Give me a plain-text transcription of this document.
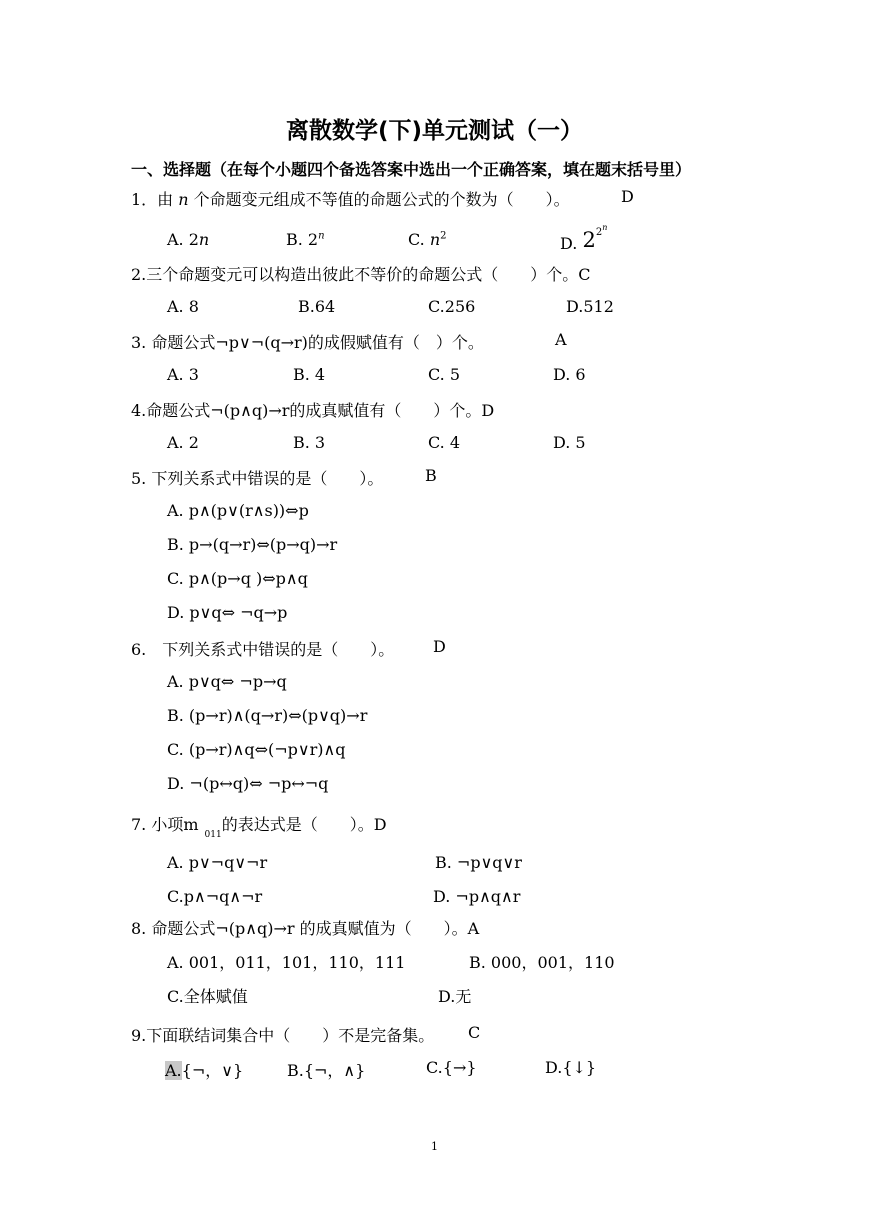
离散数学(下)单元测试（一）
一、选择题（在每个小题四个备选答案中选出一个正确答案，填在题末括号里）
1．由 n 个命题变元组成不等值的命题公式的个数为（　　）。	D
A. 2n	B. 2$^n$	C. $n^2$	D. $2^{2^n}$
2.三个命题变元可以构造出彼此不等价的命题公式（　　）个。C
A. 8	B.64	C.256	D.512
3. 命题公式¬p∨¬(q→r)的成假赋值有（　）个。	A
A. 3	B. 4	C. 5	D. 6
4.命题公式¬(p∧q)→r的成真赋值有（　　）个。D
A. 2	B. 3	C. 4	D. 5
5. 下列关系式中错误的是（　　）。	B
A. p∧(p∨(r∧s))⇔p
B. p→(q→r)⇔(p→q)→r
C. p∧(p→q )⇔p∧q
D. p∨q⇔ ¬q→p
6.　下列关系式中错误的是（　　）。 D
A. p∨q⇔ ¬p→q
B. (p→r)∧(q→r)⇔(p∨q)→r
C. (p→r)∧q⇔(¬p∨r)∧q
D. ¬(p↔q)⇔ ¬p↔¬q
7. 小项$m_{011}$的表达式是（　　）。D
A. p∨¬q∨¬r	B. ¬p∨q∨r
C.p∧¬q∧¬r	D. ¬p∧q∧r
8. 命题公式¬(p∧q)→r 的成真赋值为（　　）。A
A. 001，011，101，110，111	B. 000，001，110
C.全体赋值	D.无
9.下面联结词集合中（　　）不是完备集。 C
A.{¬，∨}	B.{¬，∧}	C.{→}	D.{↓}
1
